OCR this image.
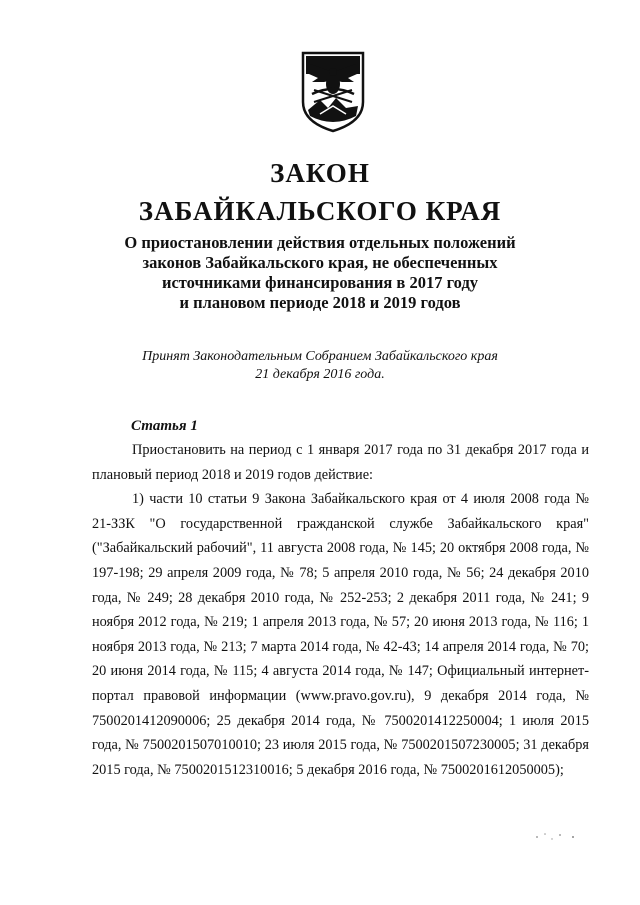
ЗАКОН
ЗАБАЙКАЛЬСКОГО КРАЯ
О приостановлении действия отдельных положений
законов Забайкальского края, не обеспеченных
источниками финансирования в 2017 году
и плановом периоде 2018 и 2019 годов
Принят Законодательным Собранием Забайкальского края
21 декабря 2016 года.
Статья 1

Приостановить на период с 1 января 2017 года по 31 декабря 2017 года и плановый период 2018 и 2019 годов действие:

1) части 10 статьи 9 Закона Забайкальского края от 4 июля 2008 года № 21-ЗЗК "О государственной гражданской службе Забайкальского края" ("Забайкальский рабочий", 11 августа 2008 года, № 145; 20 октября 2008 года, № 197-198; 29 апреля 2009 года, № 78; 5 апреля 2010 года, № 56; 24 декабря 2010 года, № 249; 28 декабря 2010 года, № 252-253; 2 декабря 2011 года, № 241; 9 ноября 2012 года, № 219; 1 апреля 2013 года, № 57; 20 июня 2013 года, № 116; 1 ноября 2013 года, № 213; 7 марта 2014 года, № 42-43; 14 апреля 2014 года, № 70; 20 июня 2014 года, № 115; 4 августа 2014 года, № 147; Официальный интернет-портал правовой информации (www.pravo.gov.ru), 9 декабря 2014 года, № 7500201412090006; 25 декабря 2014 года, № 7500201412250004; 1 июля 2015 года, № 7500201507010010; 23 июля 2015 года, № 7500201507230005; 31 декабря 2015 года, № 7500201512310016; 5 декабря 2016 года, № 7500201612050005);
